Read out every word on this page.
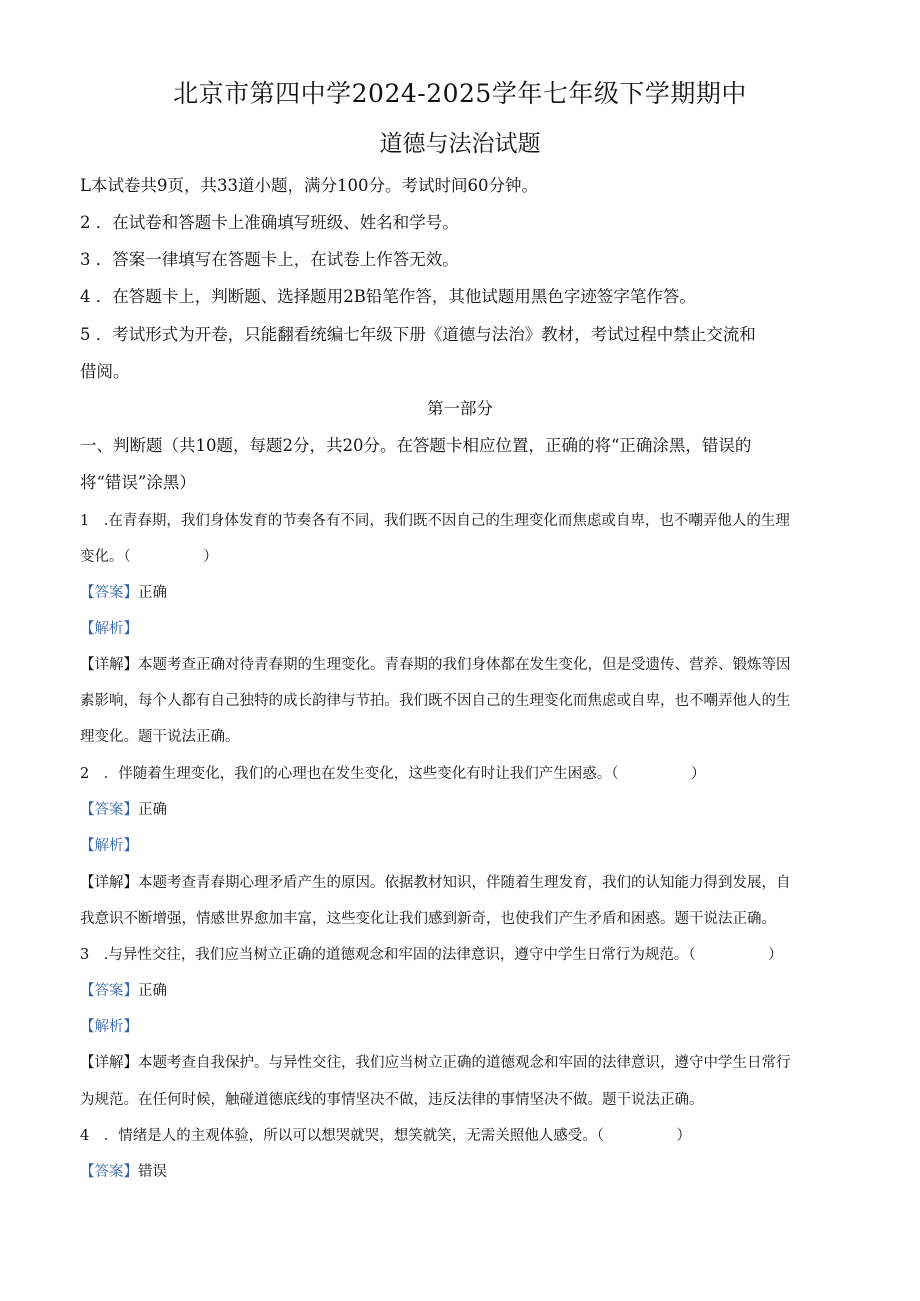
北京市第四中学2024-2025学年七年级下学期期中
道德与法治试题
L本试卷共9页，共33道小题，满分100分。考试时间60分钟。
2 ．在试卷和答题卡上准确填写班级、姓名和学号。
3 ．答案一律填写在答题卡上，在试卷上作答无效。
4 ．在答题卡上，判断题、选择题用2B铅笔作答，其他试题用黑色字迹签字笔作答。
5 ．考试形式为开卷，只能翻看统编七年级下册《道德与法治》教材，考试过程中禁止交流和
借阅。
第一部分
一、判断题（共10题，每题2分，共20分。在答题卡相应位置，正确的将“正确涂黑，错误的
将“错误”涂黑）
1　.在青春期，我们身体发育的节奏各有不同，我们既不因自己的生理变化而焦虑或自卑，也不嘲弄他人的生理
变化。（　　　　　）
【答案】正确
【解析】
【详解】本题考查正确对待青春期的生理变化。青春期的我们身体都在发生变化，但是受遗传、营养、锻炼等因
素影响，每个人都有自己独特的成长韵律与节拍。我们既不因自己的生理变化而焦虑或自卑，也不嘲弄他人的生
理变化。题干说法正确。
2　．伴随着生理变化，我们的心理也在发生变化，这些变化有时让我们产生困惑。（　　　　　）
【答案】正确
【解析】
【详解】本题考查青春期心理矛盾产生的原因。依据教材知识，伴随着生理发育，我们的认知能力得到发展，自
我意识不断增强，情感世界愈加丰富，这些变化让我们感到新奇，也使我们产生矛盾和困惑。题干说法正确。
3　.与异性交往，我们应当树立正确的道德观念和牢固的法律意识，遵守中学生日常行为规范。（　　　　　）
【答案】正确
【解析】
【详解】本题考查自我保护。与异性交往，我们应当树立正确的道德观念和牢固的法律意识，遵守中学生日常行
为规范。在任何时候，触碰道德底线的事情坚决不做，违反法律的事情坚决不做。题干说法正确。
4　．情绪是人的主观体验，所以可以想哭就哭，想笑就笑，无需关照他人感受。（　　　　　）
【答案】错误
